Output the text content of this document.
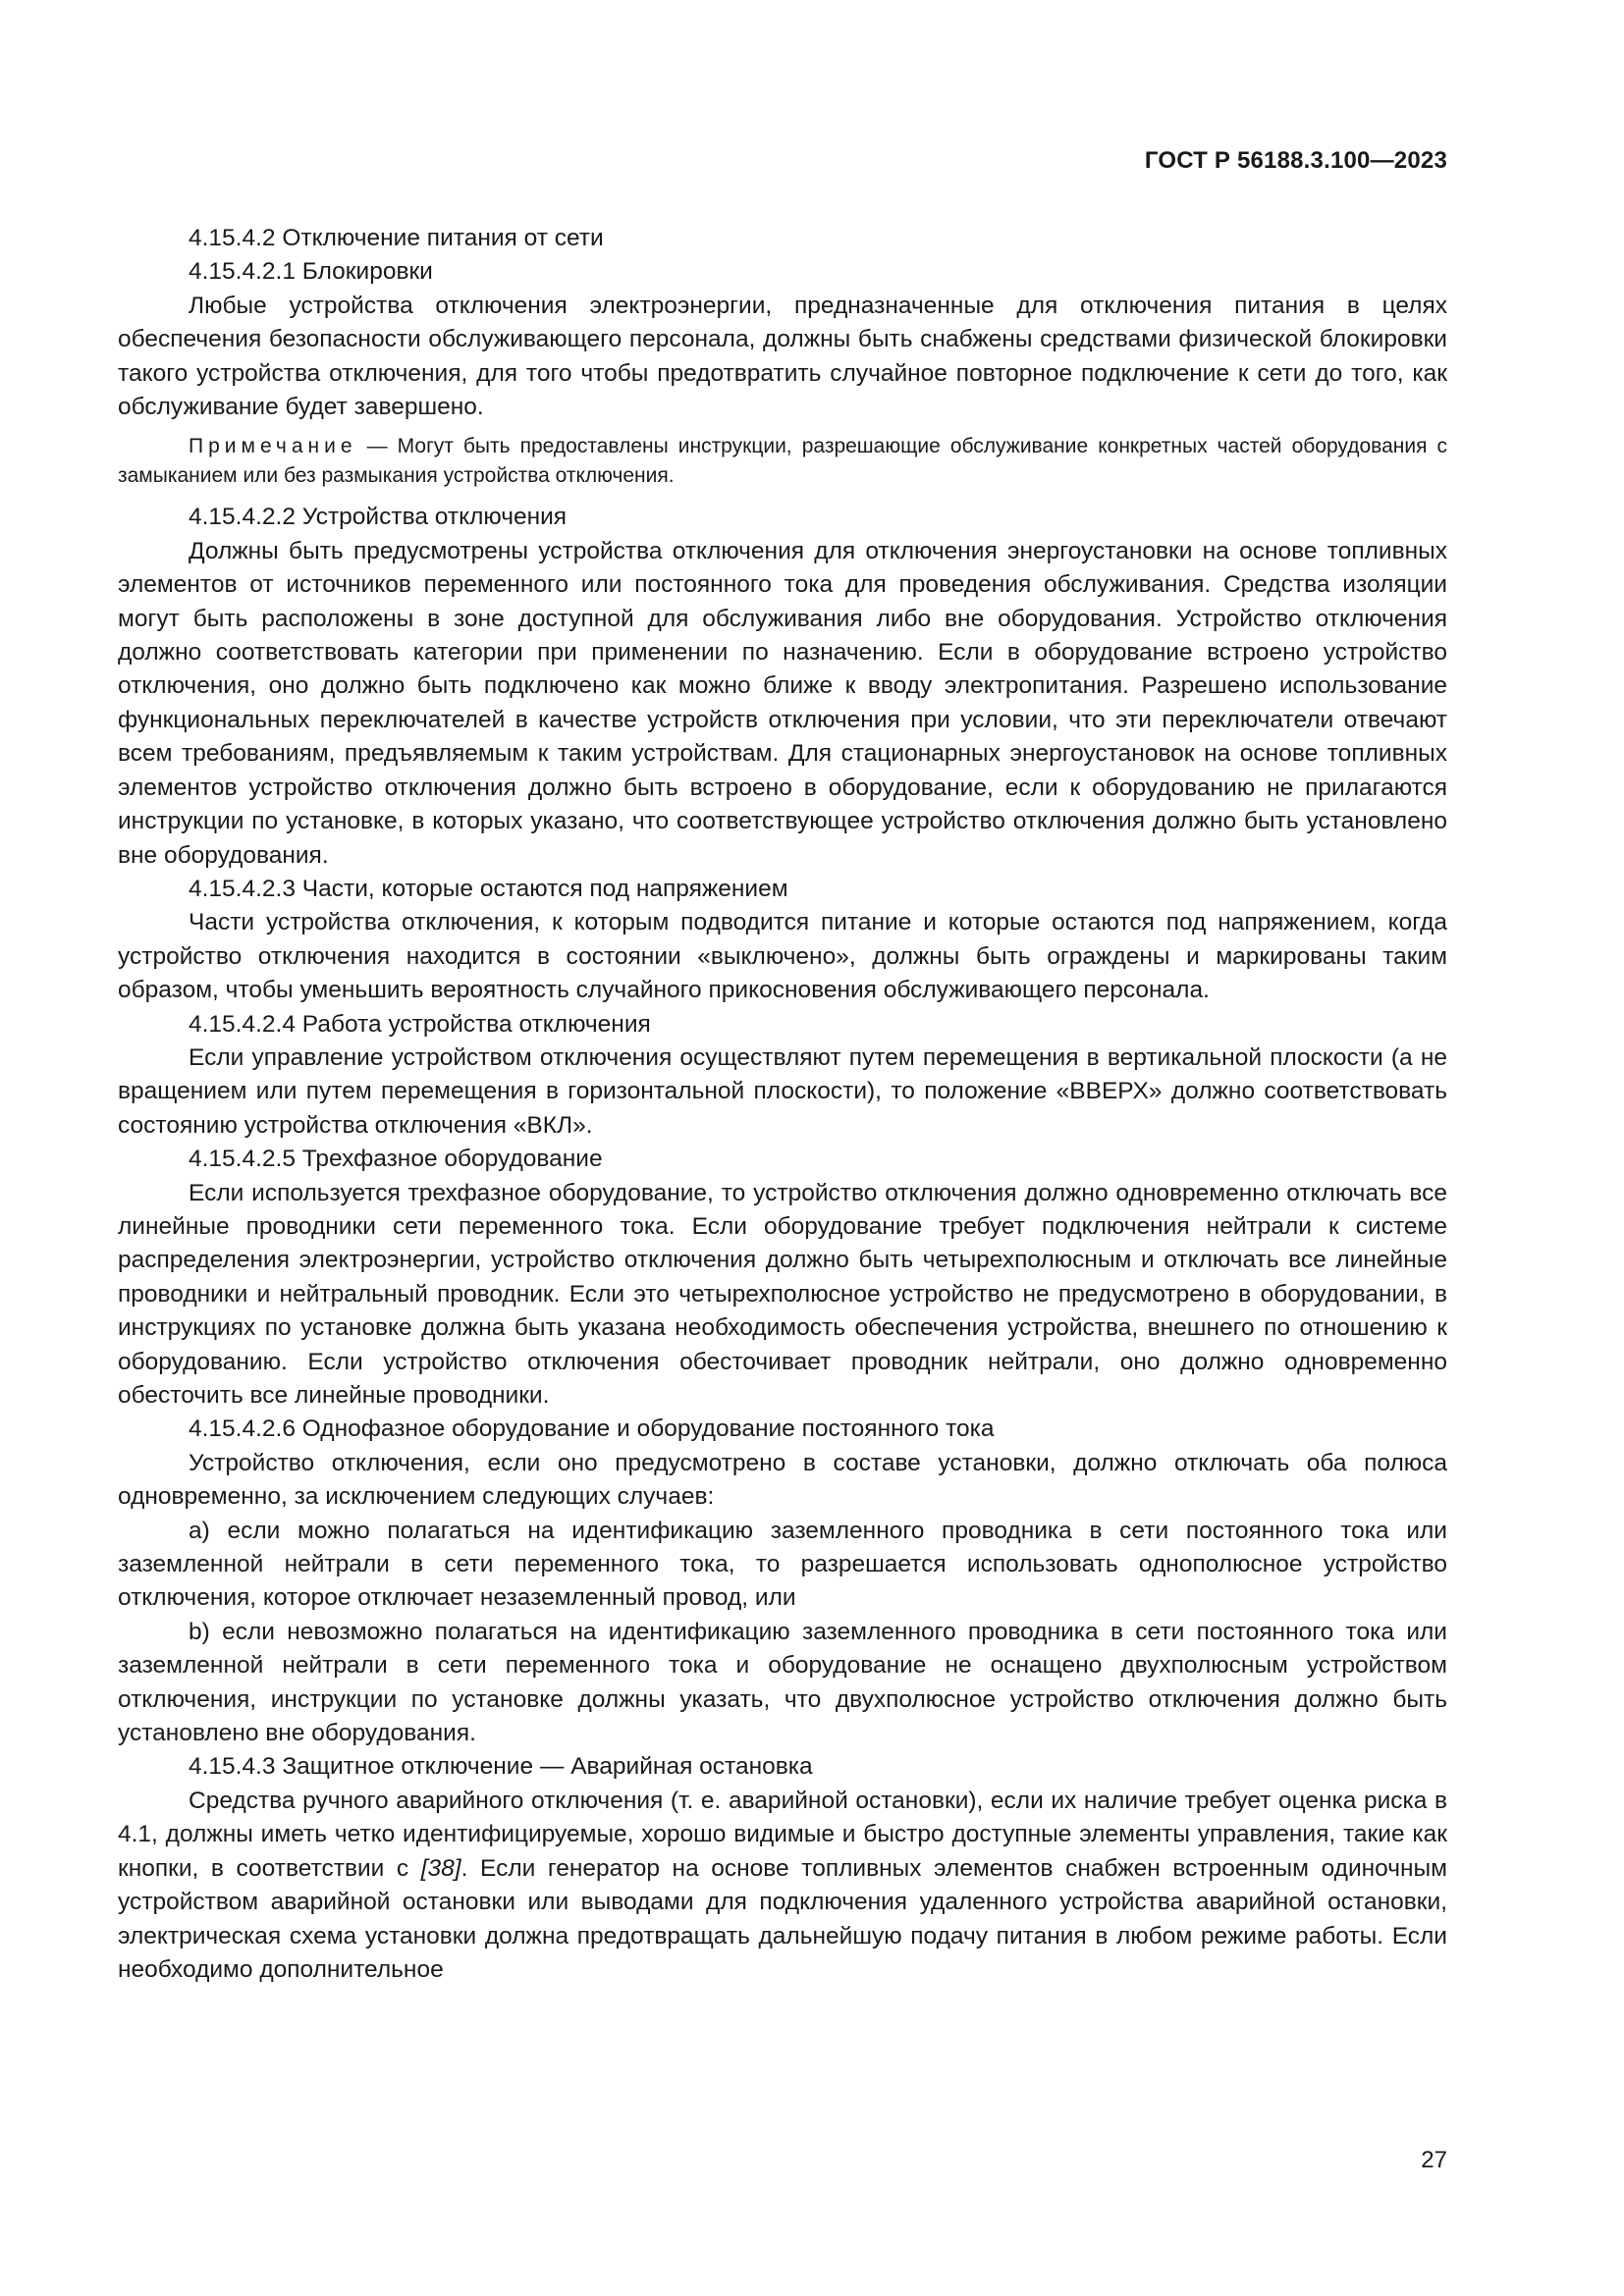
ГОСТ Р 56188.3.100—2023

4.15.4.2 Отключение питания от сети

4.15.4.2.1 Блокировки

Любые устройства отключения электроэнергии, предназначенные для отключения питания в целях обеспечения безопасности обслуживающего персонала, должны быть снабжены средствами физической блокировки такого устройства отключения, для того чтобы предотвратить случайное повторное подключение к сети до того, как обслуживание будет завершено.

Примечание — Могут быть предоставлены инструкции, разрешающие обслуживание конкретных частей оборудования с замыканием или без размыкания устройства отключения.

4.15.4.2.2 Устройства отключения

Должны быть предусмотрены устройства отключения для отключения энергоустановки на основе топливных элементов от источников переменного или постоянного тока для проведения обслуживания. Средства изоляции могут быть расположены в зоне доступной для обслуживания либо вне оборудования. Устройство отключения должно соответствовать категории при применении по назначению. Если в оборудование встроено устройство отключения, оно должно быть подключено как можно ближе к вводу электропитания. Разрешено использование функциональных переключателей в качестве устройств отключения при условии, что эти переключатели отвечают всем требованиям, предъявляемым к таким устройствам. Для стационарных энергоустановок на основе топливных элементов устройство отключения должно быть встроено в оборудование, если к оборудованию не прилагаются инструкции по установке, в которых указано, что соответствующее устройство отключения должно быть установлено вне оборудования.

4.15.4.2.3 Части, которые остаются под напряжением

Части устройства отключения, к которым подводится питание и которые остаются под напряжением, когда устройство отключения находится в состоянии «выключено», должны быть ограждены и маркированы таким образом, чтобы уменьшить вероятность случайного прикосновения обслуживающего персонала.

4.15.4.2.4 Работа устройства отключения

Если управление устройством отключения осуществляют путем перемещения в вертикальной плоскости (а не вращением или путем перемещения в горизонтальной плоскости), то положение «ВВЕРХ» должно соответствовать состоянию устройства отключения «ВКЛ».

4.15.4.2.5 Трехфазное оборудование

Если используется трехфазное оборудование, то устройство отключения должно одновременно отключать все линейные проводники сети переменного тока. Если оборудование требует подключения нейтрали к системе распределения электроэнергии, устройство отключения должно быть четырехполюсным и отключать все линейные проводники и нейтральный проводник. Если это четырехполюсное устройство не предусмотрено в оборудовании, в инструкциях по установке должна быть указана необходимость обеспечения устройства, внешнего по отношению к оборудованию. Если устройство отключения обесточивает проводник нейтрали, оно должно одновременно обесточить все линейные проводники.

4.15.4.2.6 Однофазное оборудование и оборудование постоянного тока

Устройство отключения, если оно предусмотрено в составе установки, должно отключать оба полюса одновременно, за исключением следующих случаев:

a) если можно полагаться на идентификацию заземленного проводника в сети постоянного тока или заземленной нейтрали в сети переменного тока, то разрешается использовать однополюсное устройство отключения, которое отключает незаземленный провод, или

b) если невозможно полагаться на идентификацию заземленного проводника в сети постоянного тока или заземленной нейтрали в сети переменного тока и оборудование не оснащено двухполюсным устройством отключения, инструкции по установке должны указать, что двухполюсное устройство отключения должно быть установлено вне оборудования.

4.15.4.3 Защитное отключение — Аварийная остановка

Средства ручного аварийного отключения (т. е. аварийной остановки), если их наличие требует оценка риска в 4.1, должны иметь четко идентифицируемые, хорошо видимые и быстро доступные элементы управления, такие как кнопки, в соответствии с [38]. Если генератор на основе топливных элементов снабжен встроенным одиночным устройством аварийной остановки или выводами для подключения удаленного устройства аварийной остановки, электрическая схема установки должна предотвращать дальнейшую подачу питания в любом режиме работы. Если необходимо дополнительное

27
